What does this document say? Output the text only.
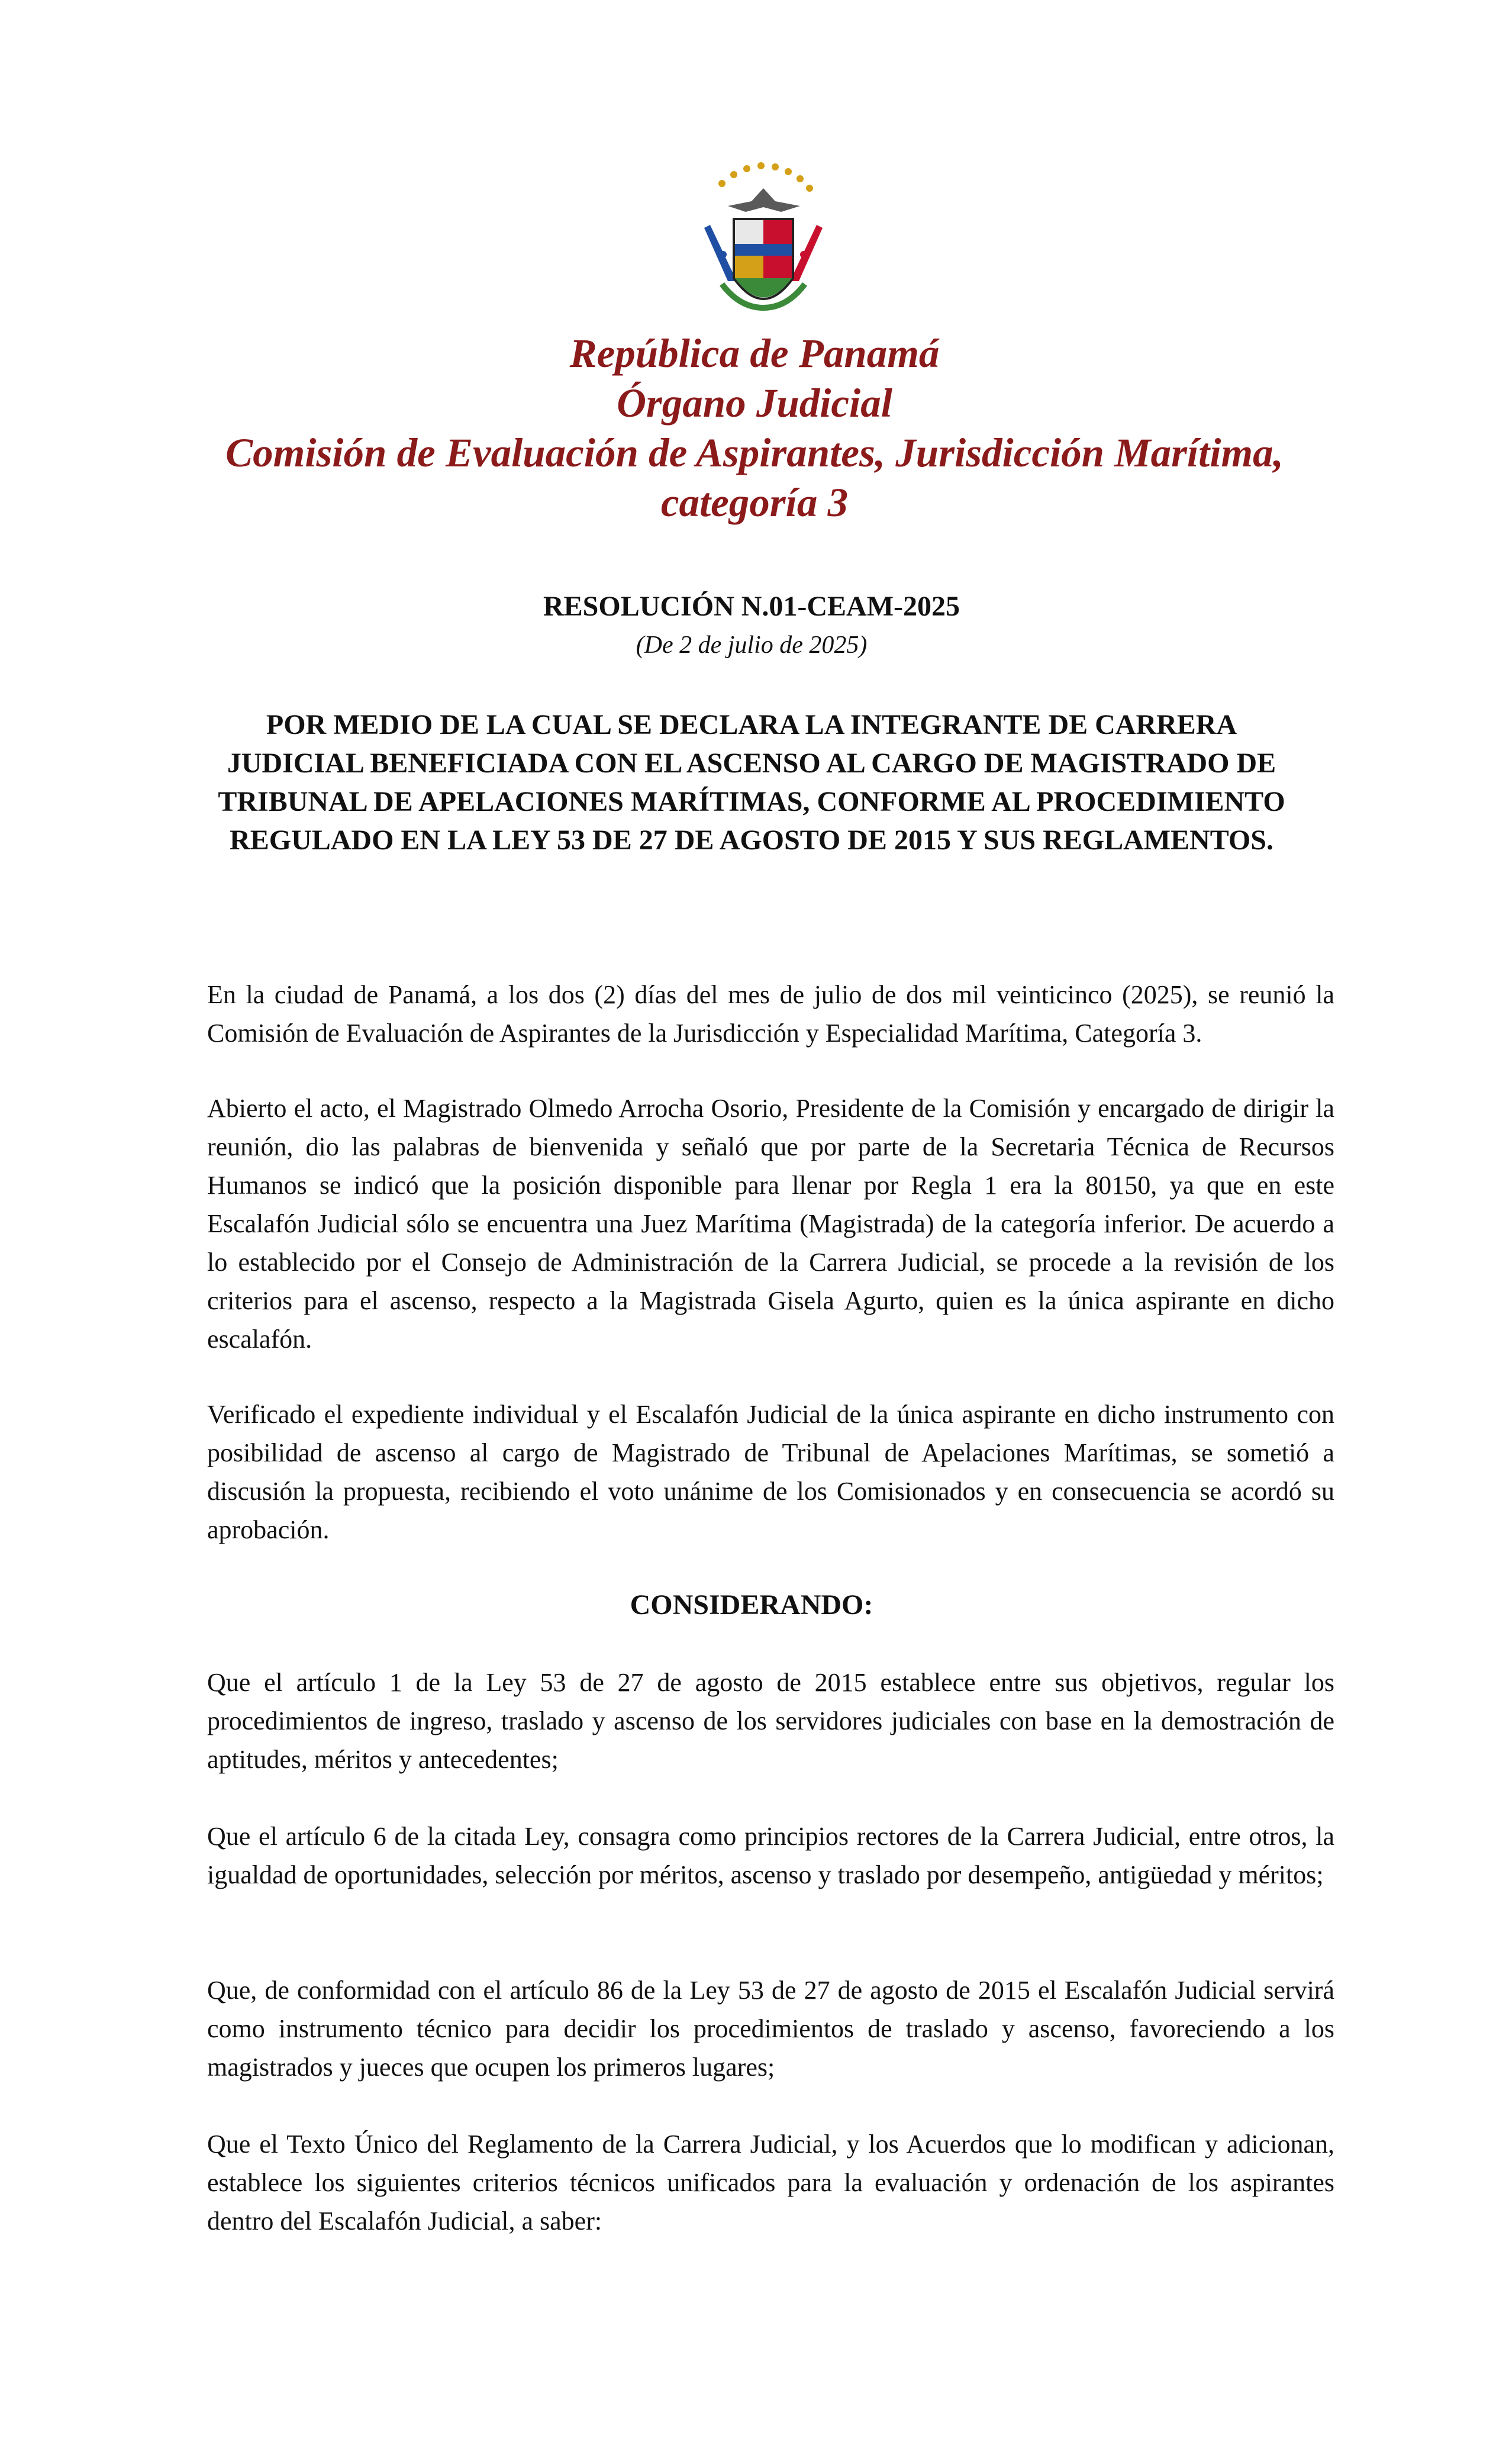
República de Panamá
Órgano Judicial
Comisión de Evaluación de Aspirantes, Jurisdicción Marítima,
categoría 3
RESOLUCIÓN N.01-CEAM-2025
(De 2 de julio de 2025)
POR MEDIO DE LA CUAL SE DECLARA LA INTEGRANTE DE CARRERA JUDICIAL BENEFICIADA CON EL ASCENSO AL CARGO DE MAGISTRADO DE TRIBUNAL DE APELACIONES MARÍTIMAS, CONFORME AL PROCEDIMIENTO REGULADO EN LA LEY 53 DE 27 DE AGOSTO DE 2015 Y SUS REGLAMENTOS.
En la ciudad de Panamá, a los dos (2) días del mes de julio de dos mil veinticinco (2025), se reunió la Comisión de Evaluación de Aspirantes de la Jurisdicción y Especialidad Marítima, Categoría 3.
Abierto el acto, el Magistrado Olmedo Arrocha Osorio, Presidente de la Comisión y encargado de dirigir la reunión, dio las palabras de bienvenida y señaló que por parte de la Secretaria Técnica de Recursos Humanos se indicó que la posición disponible para llenar por Regla 1 era la 80150, ya que en este Escalafón Judicial sólo se encuentra una Juez Marítima (Magistrada) de la categoría inferior. De acuerdo a lo establecido por el Consejo de Administración de la Carrera Judicial, se procede a la revisión de los criterios para el ascenso, respecto a la Magistrada Gisela Agurto, quien es la única aspirante en dicho escalafón.
Verificado el expediente individual y el Escalafón Judicial de la única aspirante en dicho instrumento con posibilidad de ascenso al cargo de Magistrado de Tribunal de Apelaciones Marítimas, se sometió a discusión la propuesta, recibiendo el voto unánime de los Comisionados y en consecuencia se acordó su aprobación.
CONSIDERANDO:
Que el artículo 1 de la Ley 53 de 27 de agosto de 2015 establece entre sus objetivos, regular los procedimientos de ingreso, traslado y ascenso de los servidores judiciales con base en la demostración de aptitudes, méritos y antecedentes;
Que el artículo 6 de la citada Ley, consagra como principios rectores de la Carrera Judicial, entre otros, la igualdad de oportunidades, selección por méritos, ascenso y traslado por desempeño, antigüedad y méritos;
Que, de conformidad con el artículo 86 de la Ley 53 de 27 de agosto de 2015 el Escalafón Judicial servirá como instrumento técnico para decidir los procedimientos de traslado y ascenso, favoreciendo a los magistrados y jueces que ocupen los primeros lugares;
Que el Texto Único del Reglamento de la Carrera Judicial, y los Acuerdos que lo modifican y adicionan, establece los siguientes criterios técnicos unificados para la evaluación y ordenación de los aspirantes dentro del Escalafón Judicial, a saber:
